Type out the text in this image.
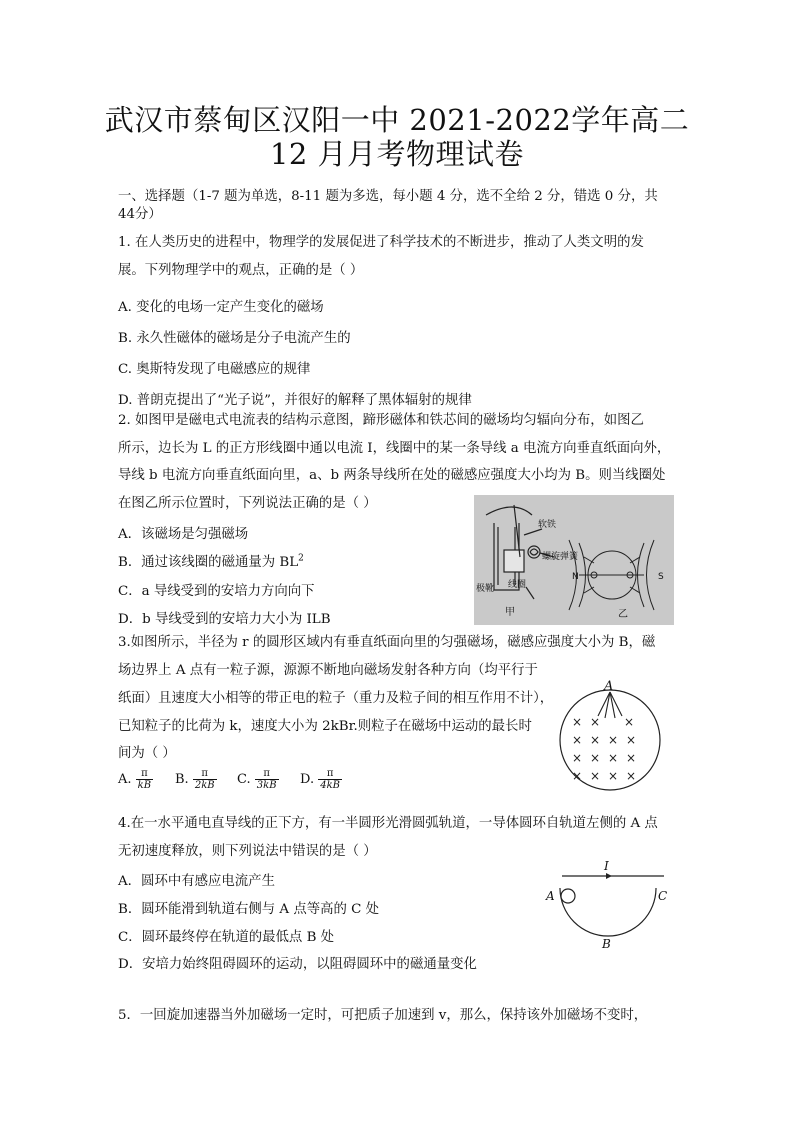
武汉市蔡甸区汉阳一中 2021-2022学年高二
12 月月考物理试卷
一、选择题（1-7 题为单选，8-11 题为多选，每小题 4 分，选不全给 2 分，错选 0 分，共
44分）
1. 在人类历史的进程中，物理学的发展促进了科学技术的不断进步，推动了人类文明的发
展。下列物理学中的观点，正确的是（ ）
A. 变化的电场一定产生变化的磁场
B. 永久性磁体的磁场是分子电流产生的
C. 奥斯特发现了电磁感应的规律
D. 普朗克提出了“光子说”，并很好的解释了黑体辐射的规律
2. 如图甲是磁电式电流表的结构示意图，蹄形磁体和铁芯间的磁场均匀辐向分布，如图乙
所示，边长为 L 的正方形线圈中通以电流 I，线圈中的某一条导线 a 电流方向垂直纸面向外，
导线 b 电流方向垂直纸面向里，a、b 两条导线所在处的磁感应强度大小均为 B。则当线圈处
在图乙所示位置时，下列说法正确的是（ ）
A．该磁场是匀强磁场
B．通过该线圈的磁通量为 $BL^2$
C．a 导线受到的安培力方向向下
D．b 导线受到的安培力大小为 ILB
软铁
螺旋弹簧
极靴 线圈
甲
N	S
乙
3.如图所示，半径为 r 的圆形区域内有垂直纸面向里的匀强磁场，磁感应强度大小为 B，磁
场边界上 A 点有一粒子源，源源不断地向磁场发射各种方向（均平行于
纸面）且速度大小相等的带正电的粒子（重力及粒子间的相互作用不计），
已知粒子的比荷为 k，速度大小为 2kBr.则粒子在磁场中运动的最长时
间为（ ）
A. $\frac{\pi}{kB} B$. $\frac{\pi}{2kB} C$. $\frac{\pi}{3kB} D$. $\frac{\pi}{4kB}$
A
× × ×
× × × ×
× × × ×
× × × ×
4.在一水平通电直导线的正下方，有一半圆形光滑圆弧轨道，一导体圆环自轨道左侧的 A 点
无初速度释放，则下列说法中错误的是（ ）
A．圆环中有感应电流产生
B．圆环能滑到轨道右侧与 A 点等高的 C 处
C．圆环最终停在轨道的最低点 B 处
D．安培力始终阻碍圆环的运动，以阻碍圆环中的磁通量变化
I
A	C
B
5．一回旋加速器当外加磁场一定时，可把质子加速到 v，那么，保持该外加磁场不变时，
